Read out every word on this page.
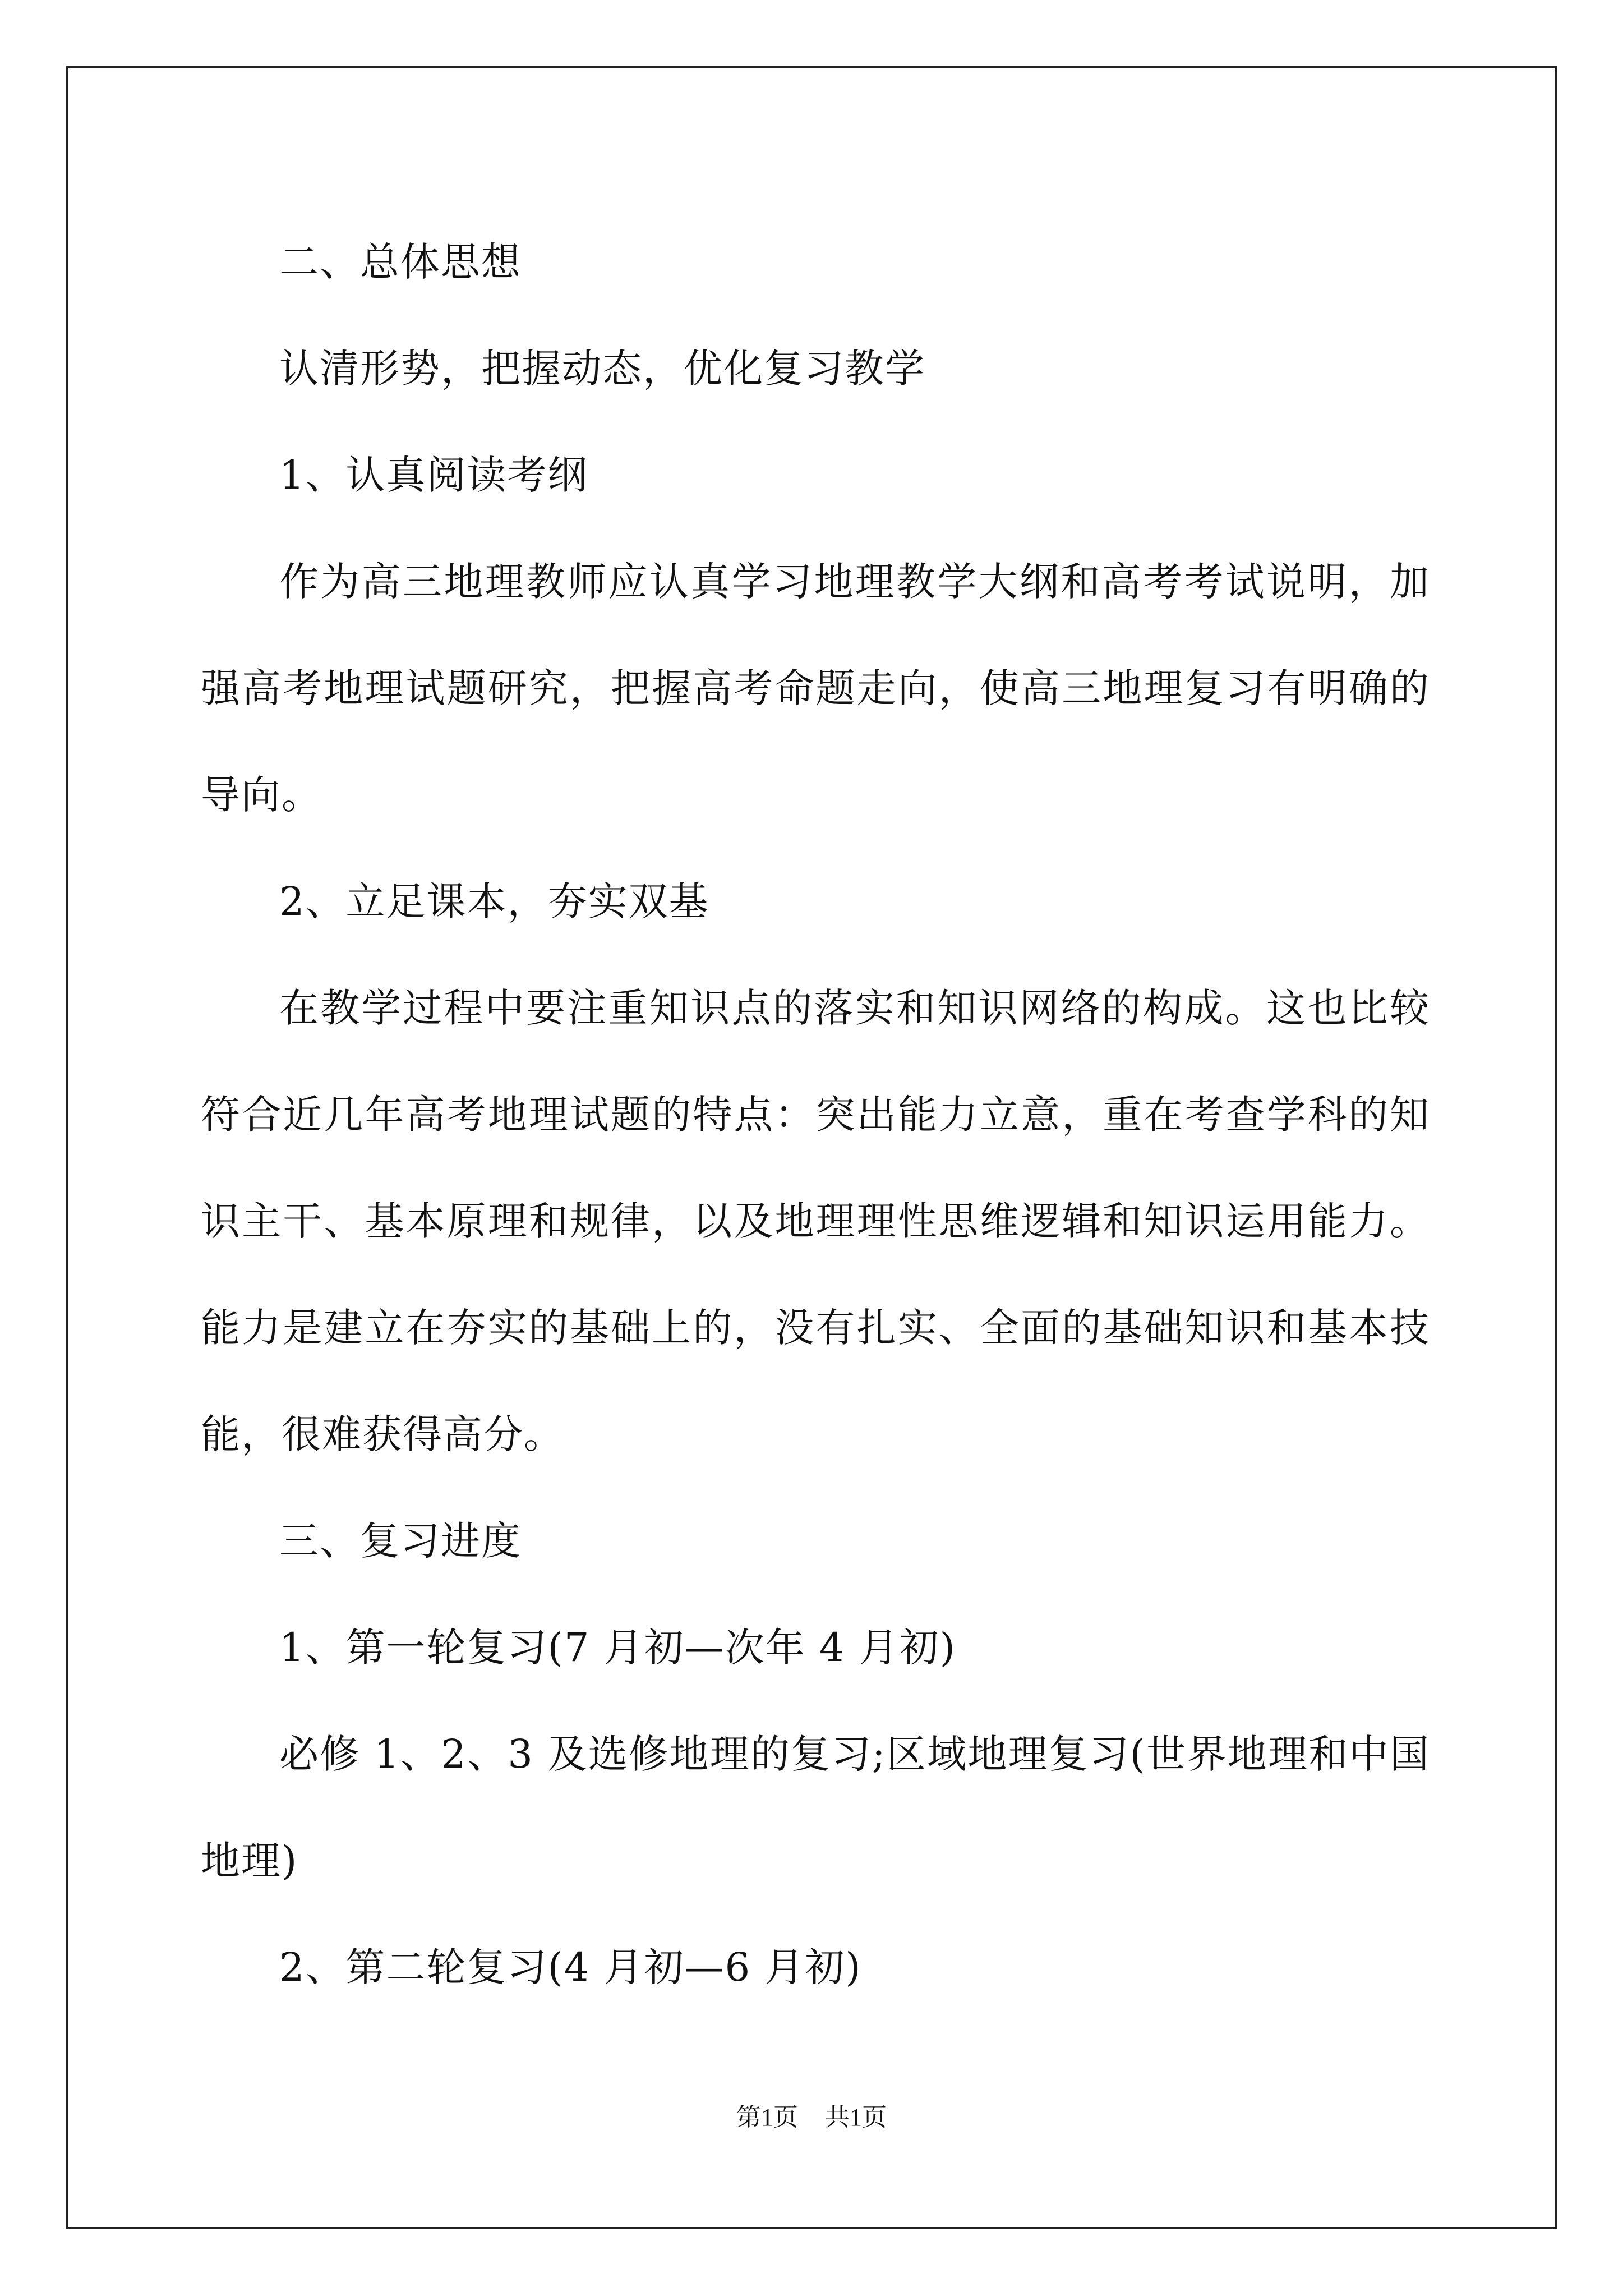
二、总体思想

认清形势，把握动态，优化复习教学

1、认真阅读考纲

作为高三地理教师应认真学习地理教学大纲和高考考试说明，加强高考地理试题研究，把握高考命题走向，使高三地理复习有明确的导向。

2、立足课本，夯实双基

在教学过程中要注重知识点的落实和知识网络的构成。这也比较符合近几年高考地理试题的特点：突出能力立意，重在考查学科的知识主干、基本原理和规律，以及地理理性思维逻辑和知识运用能力。能力是建立在夯实的基础上的，没有扎实、全面的基础知识和基本技能，很难获得高分。

三、复习进度

1、第一轮复习(7 月初—次年 4 月初)

必修 1、2、3 及选修地理的复习;区域地理复习(世界地理和中国地理)

2、第二轮复习(4 月初—6 月初)

第1页 共1页
